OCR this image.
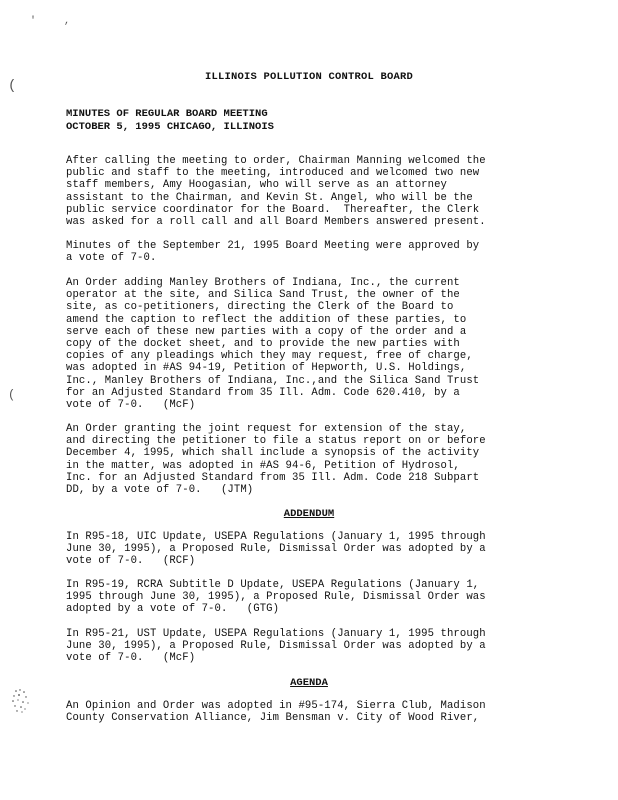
'	,
(
(
ILLINOIS POLLUTION CONTROL BOARD
MINUTES OF REGULAR BOARD MEETING
OCTOBER 5, 1995 CHICAGO, ILLINOIS
After calling the meeting to order, Chairman Manning welcomed the
public and staff to the meeting, introduced and welcomed two new
staff members, Amy Hoogasian, who will serve as an attorney
assistant to the Chairman, and Kevin St. Angel, who will be the
public service coordinator for the Board.  Thereafter, the Clerk
was asked for a roll call and all Board Members answered present.
Minutes of the September 21, 1995 Board Meeting were approved by
a vote of 7-0.
An Order adding Manley Brothers of Indiana, Inc., the current
operator at the site, and Silica Sand Trust, the owner of the
site, as co-petitioners, directing the Clerk of the Board to
amend the caption to reflect the addition of these parties, to
serve each of these new parties with a copy of the order and a
copy of the docket sheet, and to provide the new parties with
copies of any pleadings which they may request, free of charge,
was adopted in #AS 94-19, Petition of Hepworth, U.S. Holdings,
Inc., Manley Brothers of Indiana, Inc.,and the Silica Sand Trust
for an Adjusted Standard from 35 Ill. Adm. Code 620.410, by a
vote of 7-0.   (McF)
An Order granting the joint request for extension of the stay,
and directing the petitioner to file a status report on or before
December 4, 1995, which shall include a synopsis of the activity
in the matter, was adopted in #AS 94-6, Petition of Hydrosol,
Inc. for an Adjusted Standard from 35 Ill. Adm. Code 218 Subpart
DD, by a vote of 7-0.   (JTM)
ADDENDUM
In R95-18, UIC Update, USEPA Regulations (January 1, 1995 through
June 30, 1995), a Proposed Rule, Dismissal Order was adopted by a
vote of 7-0.   (RCF)
In R95-19, RCRA Subtitle D Update, USEPA Regulations (January 1,
1995 through June 30, 1995), a Proposed Rule, Dismissal Order was
adopted by a vote of 7-0.   (GTG)
In R95-21, UST Update, USEPA Regulations (January 1, 1995 through
June 30, 1995), a Proposed Rule, Dismissal Order was adopted by a
vote of 7-0.   (McF)
AGENDA
An Opinion and Order was adopted in #95-174, Sierra Club, Madison
County Conservation Alliance, Jim Bensman v. City of Wood River,
